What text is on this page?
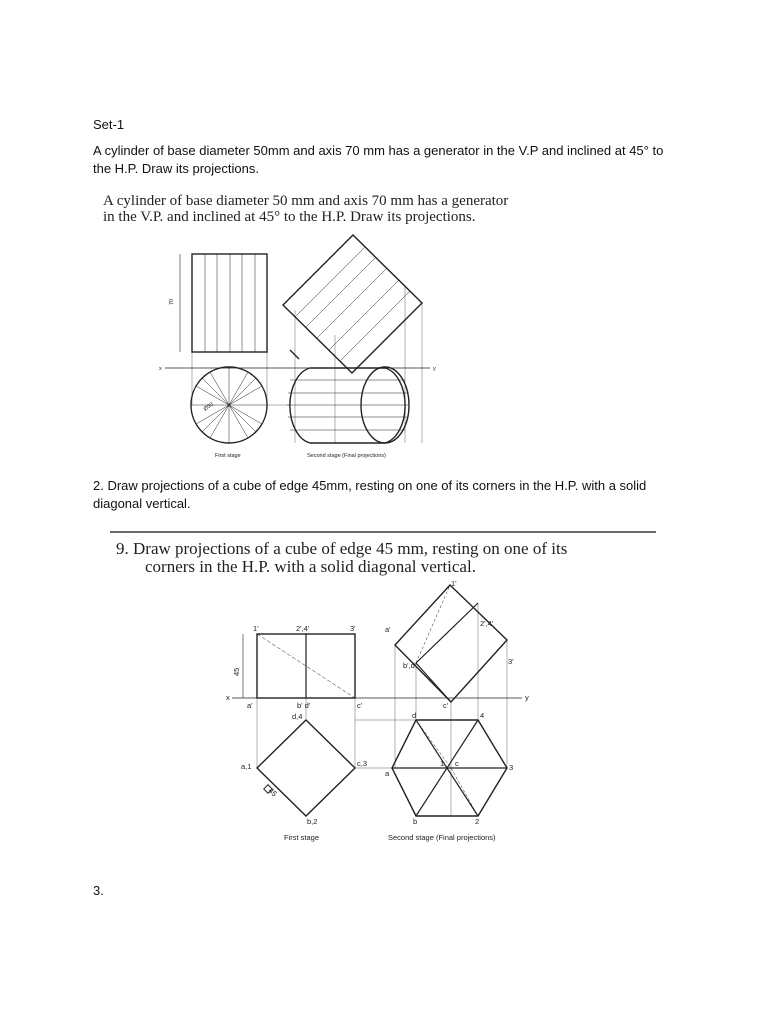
Set-1

A cylinder of base diameter 50mm and axis 70 mm has a generator in the V.P and inclined at 45° to the H.P. Draw its projections.

A cylinder of base diameter 50 mm and axis 70 mm has a generator
in the V.P. and inclined at 45° to the H.P. Draw its projections.
70
Ø50
x	y
First stage	Second stage (Final projections)

2. Draw projections of a cube of edge 45mm, resting on one of its corners in the H.P. with a solid diagonal vertical.

9. Draw projections of a cube of edge 45 mm, resting on one of its
corners in the H.P. with a solid diagonal vertical.
x	y
45
45
1'	2',4'	3'
a'	b' d'	c'
d,4
a,1	c,3
b,2
a'
1'
2',4'
b',d'	3'
c'
d	4
a
1 c	3
b	2
First stage	Second stage (Final projections)

3.
